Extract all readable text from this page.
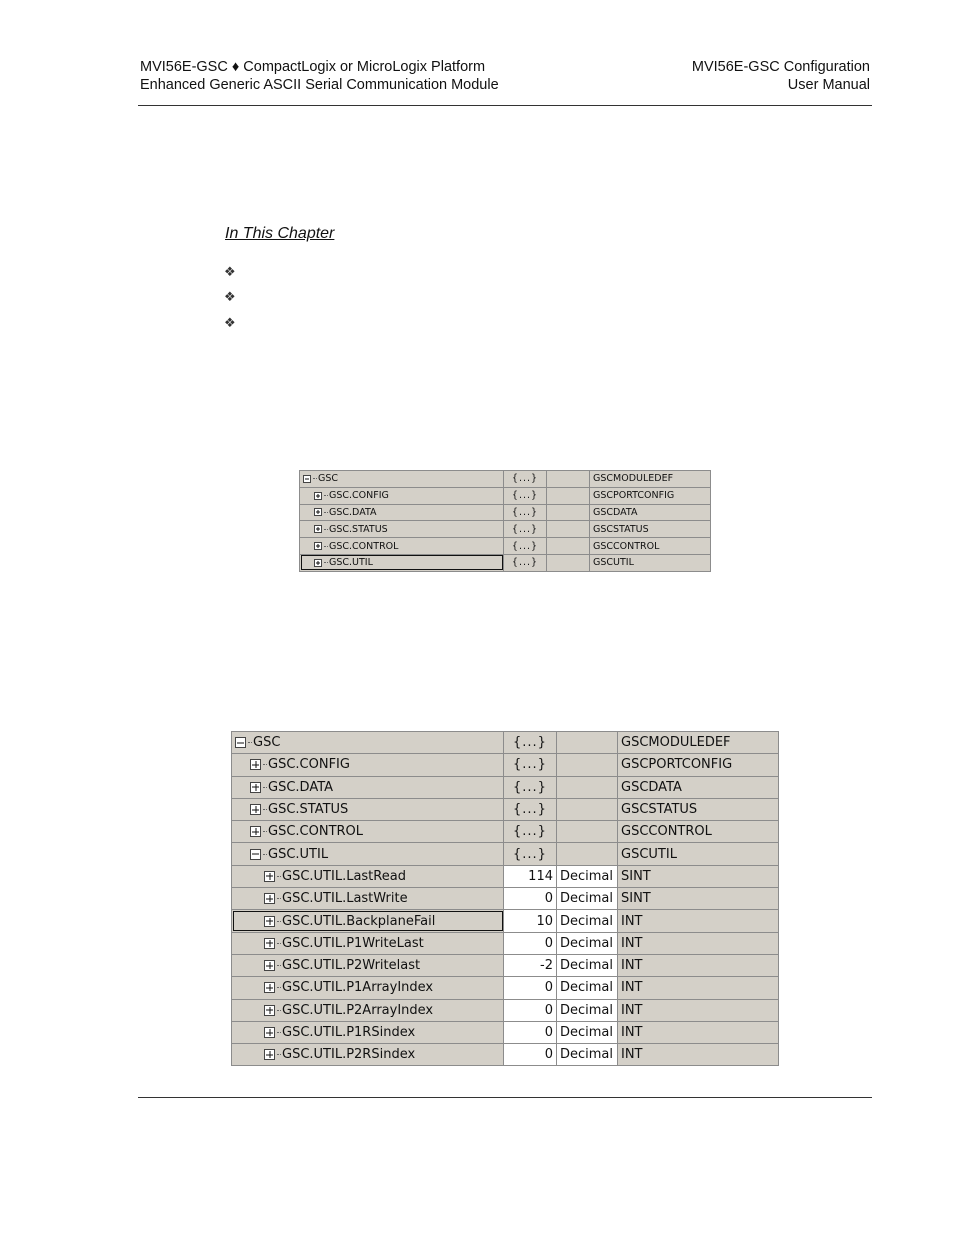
MVI56E-GSC ♦ CompactLogix or MicroLogix Platform
Enhanced Generic ASCII Serial Communication Module
MVI56E-GSC Configuration
User Manual
In This Chapter
❖
❖
❖
GSC	{...}		GSCMODULEDEF
GSC.CONFIG	{...}		GSCPORTCONFIG
GSC.DATA	{...}		GSCDATA
GSC.STATUS	{...}		GSCSTATUS
GSC.CONTROL	{...}		GSCCONTROL
GSC.UTIL	{...}		GSCUTIL
GSC	{...}		GSCMODULEDEF
GSC.CONFIG	{...}		GSCPORTCONFIG
GSC.DATA	{...}		GSCDATA
GSC.STATUS	{...}		GSCSTATUS
GSC.CONTROL	{...}		GSCCONTROL
GSC.UTIL	{...}		GSCUTIL
GSC.UTIL.LastRead	114	Decimal	SINT
GSC.UTIL.LastWrite	0	Decimal	SINT
GSC.UTIL.BackplaneFail	10	Decimal	INT
GSC.UTIL.P1WriteLast	0	Decimal	INT
GSC.UTIL.P2Writelast	-2	Decimal	INT
GSC.UTIL.P1ArrayIndex	0	Decimal	INT
GSC.UTIL.P2ArrayIndex	0	Decimal	INT
GSC.UTIL.P1RSindex	0	Decimal	INT
GSC.UTIL.P2RSindex	0	Decimal	INT
